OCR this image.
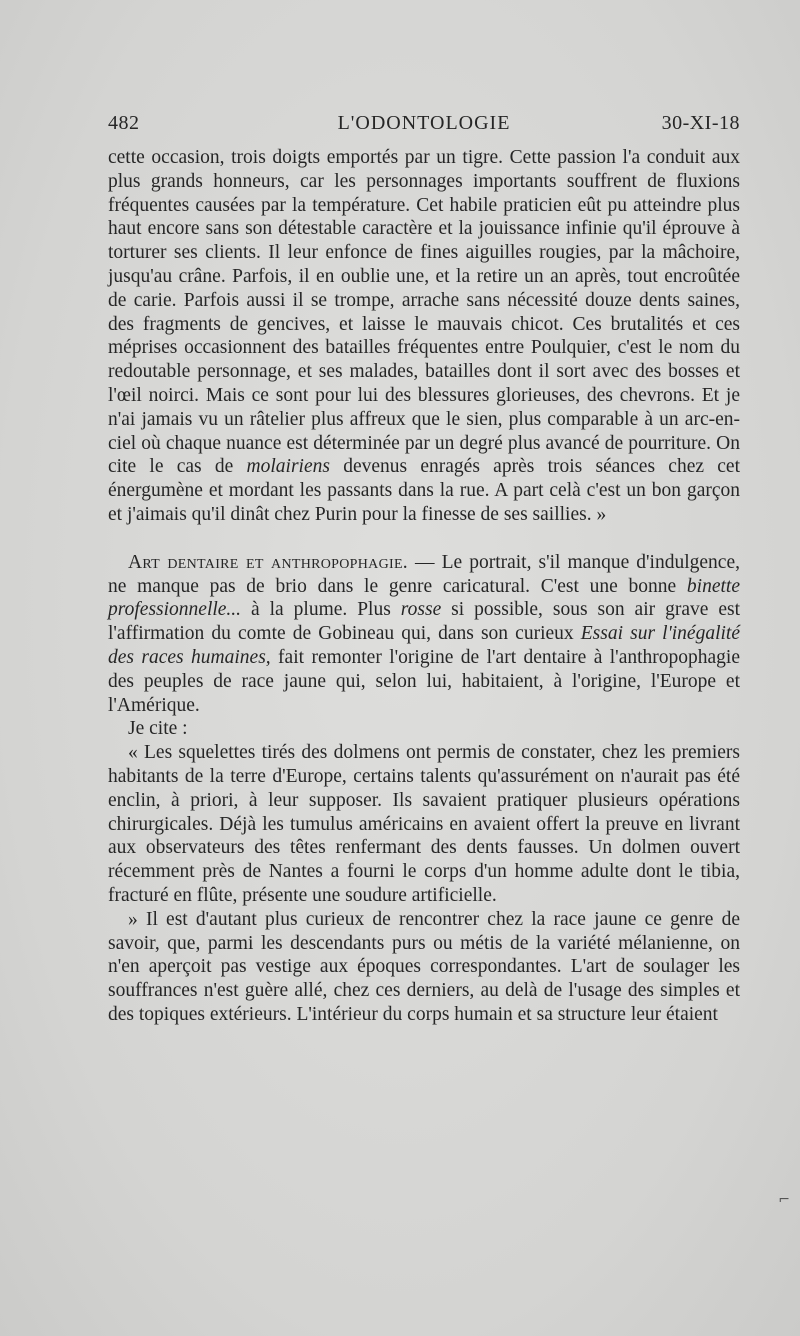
482	L'ODONTOLOGIE	30-XI-18

cette occasion, trois doigts emportés par un tigre. Cette passion l'a conduit aux plus grands honneurs, car les personnages importants souffrent de fluxions fréquentes causées par la température. Cet habile praticien eût pu atteindre plus haut encore sans son détestable caractère et la jouissance infinie qu'il éprouve à torturer ses clients. Il leur enfonce de fines aiguilles rougies, par la mâchoire, jusqu'au crâne. Parfois, il en oublie une, et la retire un an après, tout encroûtée de carie. Parfois aussi il se trompe, arrache sans nécessité douze dents saines, des fragments de gencives, et laisse le mauvais chicot. Ces brutalités et ces méprises occasionnent des batailles fréquentes entre Poulquier, c'est le nom du redoutable personnage, et ses malades, batailles dont il sort avec des bosses et l'œil noirci. Mais ce sont pour lui des blessures glorieuses, des chevrons. Et je n'ai jamais vu un râtelier plus affreux que le sien, plus comparable à un arc-en-ciel où chaque nuance est déterminée par un degré plus avancé de pourriture. On cite le cas de molairiens devenus enragés après trois séances chez cet énergumène et mordant les passants dans la rue. A part celà c'est un bon garçon et j'aimais qu'il dinât chez Purin pour la finesse de ses saillies. »

Art dentaire et anthropophagie. — Le portrait, s'il manque d'indulgence, ne manque pas de brio dans le genre caricatural. C'est une bonne binette professionnelle... à la plume. Plus rosse si possible, sous son air grave est l'affirmation du comte de Gobineau qui, dans son curieux Essai sur l'inégalité des races humaines, fait remonter l'origine de l'art dentaire à l'anthropophagie des peuples de race jaune qui, selon lui, habitaient, à l'origine, l'Europe et l'Amérique.

Je cite :

« Les squelettes tirés des dolmens ont permis de constater, chez les premiers habitants de la terre d'Europe, certains talents qu'assurément on n'aurait pas été enclin, à priori, à leur supposer. Ils savaient pratiquer plusieurs opérations chirurgicales. Déjà les tumulus américains en avaient offert la preuve en livrant aux observateurs des têtes renfermant des dents fausses. Un dolmen ouvert récemment près de Nantes a fourni le corps d'un homme adulte dont le tibia, fracturé en flûte, présente une soudure artificielle.

» Il est d'autant plus curieux de rencontrer chez la race jaune ce genre de savoir, que, parmi les descendants purs ou métis de la variété mélanienne, on n'en aperçoit pas vestige aux époques correspondantes. L'art de soulager les souffrances n'est guère allé, chez ces derniers, au delà de l'usage des simples et des topiques extérieurs. L'intérieur du corps humain et sa structure leur étaient

⌐
